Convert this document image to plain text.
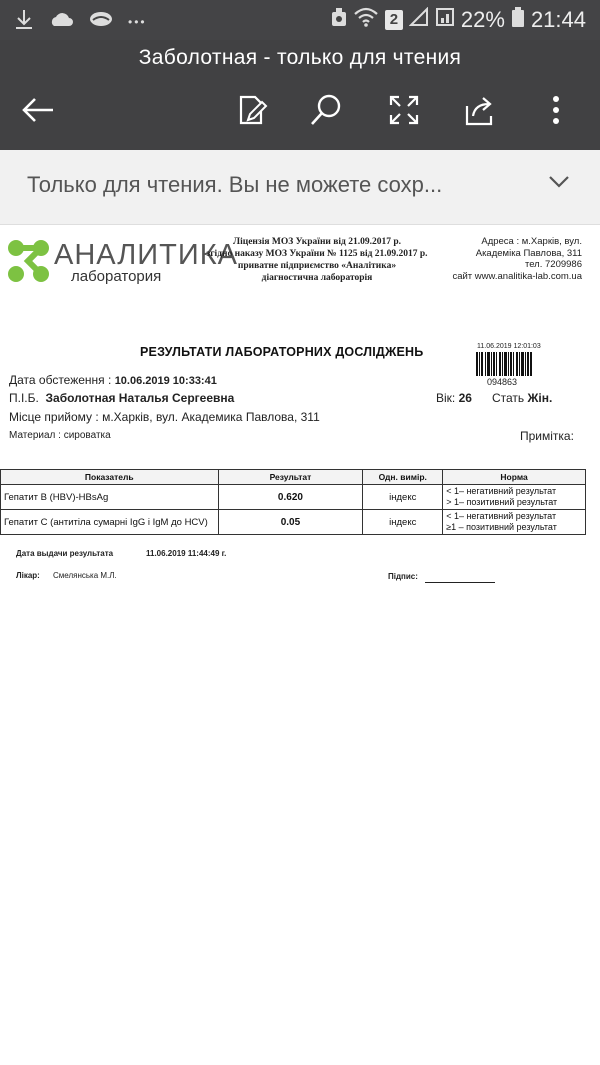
•••	2	22% 21:44
Заболотная - только для чтения
Только для чтения. Вы не можете сохр...
АНАЛИТИКА
лаборатория
Ліцензія МОЗ України від 21.09.2017 р.
згідно наказу МОЗ України № 1125 від 21.09.2017 р.
приватне підприємство «Аналітика»
діагностична лабораторія
Адреса : м.Харків, вул.
Академіка Павлова, 311
тел. 7209986
сайт www.analitika-lab.com.ua
РЕЗУЛЬТАТИ ЛАБОРАТОРНИХ ДОСЛІДЖЕНЬ	11.06.2019 12:01:03
094863
Дата обстеження : 10.06.2019 10:33:41
П.І.Б. Заболотная Наталья Сергеевна	Вік: 26 Стать Жін.
Місце прийому : м.Харків, вул. Академика Павлова, 311
Материал : сироватка	Примітка:
Показатель	Результат	Одн. вимір.	Норма
Гепатит В (HBV)-HBsAg	0.620	індекс	< 1– негативний результат
> 1– позитивний результат

Гепатит С (антитіла сумарні IgG і IgM до HCV)	0.05	індекс	< 1– негативний результат
≥1 – позитивний результат
Дата выдачи результата	11.06.2019 11:44:49 г.
Лікар: Смелянська М.Л.	Підпис:
